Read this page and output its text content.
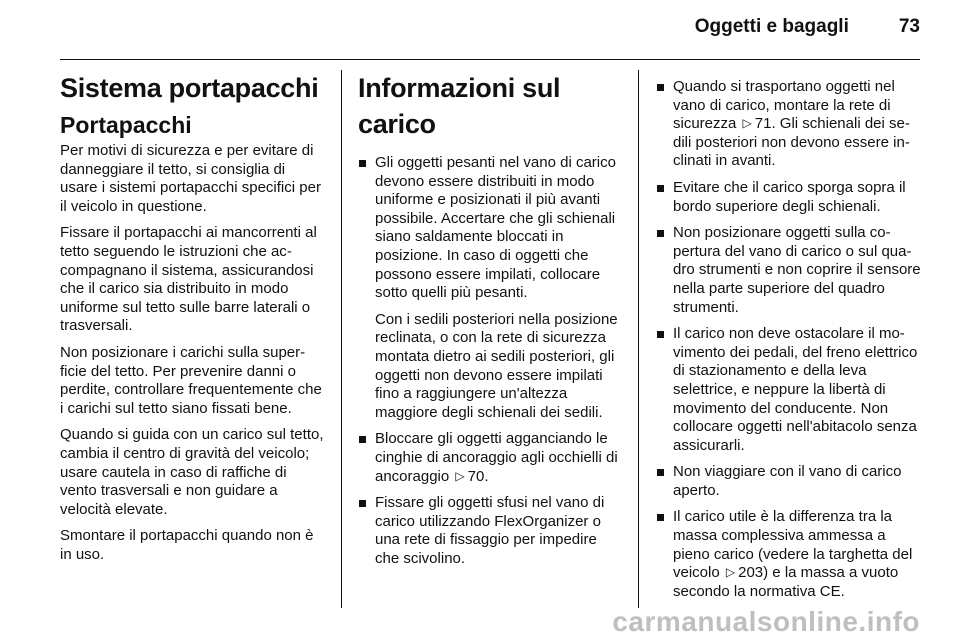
Oggetti e bagagli	73
Sistema portapacchi
Portapacchi

Per motivi di sicurezza e per evitare di danneggiare il tetto, si consiglia di usare i sistemi portapacchi specifici per il veicolo in questione.

Fissare il portapacchi ai mancorrenti al tetto seguendo le istruzioni che accompagnano il sistema, assicurandosi che il carico sia distribuito in modo uniforme sul tetto sulle barre laterali o trasversali.

Non posizionare i carichi sulla superficie del tetto. Per prevenire danni o perdite, controllare frequentemente che i carichi sul tetto siano fissati bene.

Quando si guida con un carico sul tetto, cambia il centro di gravità del veicolo; usare cautela in caso di raffiche di vento trasversali e non guidare a velocità elevate.

Smontare il portapacchi quando non è in uso.

Informazioni sul carico
Gli oggetti pesanti nel vano di carico devono essere distribuiti in modo uniforme e posizionati il più avanti possibile. Accertare che gli schienali siano saldamente bloccati in posizione. In caso di oggetti che possono essere impilati, collocare sotto quelli più pesanti.
Con i sedili posteriori nella posizione reclinata, o con la rete di sicurezza montata dietro ai sedili posteriori, gli oggetti non devono essere impilati fino a raggiungere un'altezza maggiore degli schienali dei sedili.
Bloccare gli oggetti agganciando le cinghie di ancoraggio agli occhielli di ancoraggio ▷ 70.
Fissare gli oggetti sfusi nel vano di carico utilizzando FlexOrganizer o una rete di fissaggio per impedire che scivolino.
Quando si trasportano oggetti nel vano di carico, montare la rete di sicurezza ▷ 71. Gli schienali dei sedili posteriori non devono essere inclinati in avanti.
Evitare che il carico sporga sopra il bordo superiore degli schienali.
Non posizionare oggetti sulla copertura del vano di carico o sul quadro strumenti e non coprire il sensore nella parte superiore del quadro strumenti.
Il carico non deve ostacolare il movimento dei pedali, del freno elettrico di stazionamento e della leva selettrice, e neppure la libertà di movimento del conducente. Non collocare oggetti nell'abitacolo senza assicurarli.
Non viaggiare con il vano di carico aperto.
Il carico utile è la differenza tra la massa complessiva ammessa a pieno carico (vedere la targhetta del veicolo ▷ 203) e la massa a vuoto secondo la normativa CE.
carmanualsonline.info
